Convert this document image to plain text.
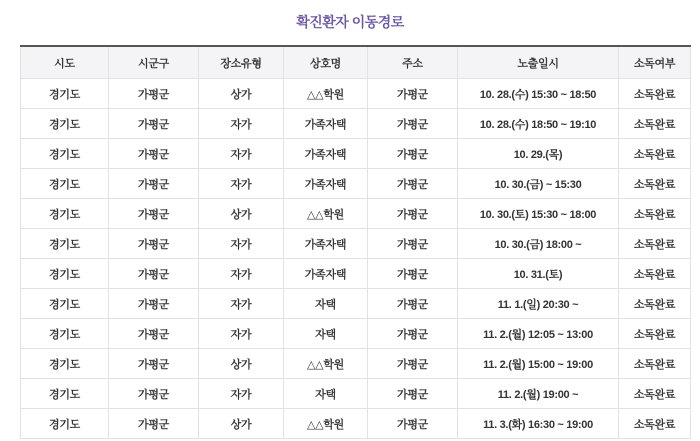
확진환자 이동경로
시도	시군구	장소유형	상호명	주소	노출일시	소독여부
경기도	가평군	상가	△△학원	가평군	10. 28.(수) 15:30 ~ 18:50	소독완료
경기도	가평군	자가	가족자택	가평군	10. 28.(수) 18:50 ~ 19:10	소독완료
경기도	가평군	자가	가족자택	가평군	10. 29.(목)	소독완료
경기도	가평군	자가	가족자택	가평군	10. 30.(금) ~ 15:30	소독완료
경기도	가평군	상가	△△학원	가평군	10. 30.(토) 15:30 ~ 18:00	소독완료
경기도	가평군	자가	가족자택	가평군	10. 30.(금) 18:00 ~	소독완료
경기도	가평군	자가	가족자택	가평군	10. 31.(토)	소독완료
경기도	가평군	자가	자택	가평군	11. 1.(일) 20:30 ~	소독완료
경기도	가평군	자가	자택	가평군	11. 2.(월) 12:05 ~ 13:00	소독완료
경기도	가평군	상가	△△학원	가평군	11. 2.(월) 15:00 ~ 19:00	소독완료
경기도	가평군	자가	자택	가평군	11. 2.(월) 19:00 ~	소독완료
경기도	가평군	상가	△△학원	가평군	11. 3.(화) 16:30 ~ 19:00	소독완료
